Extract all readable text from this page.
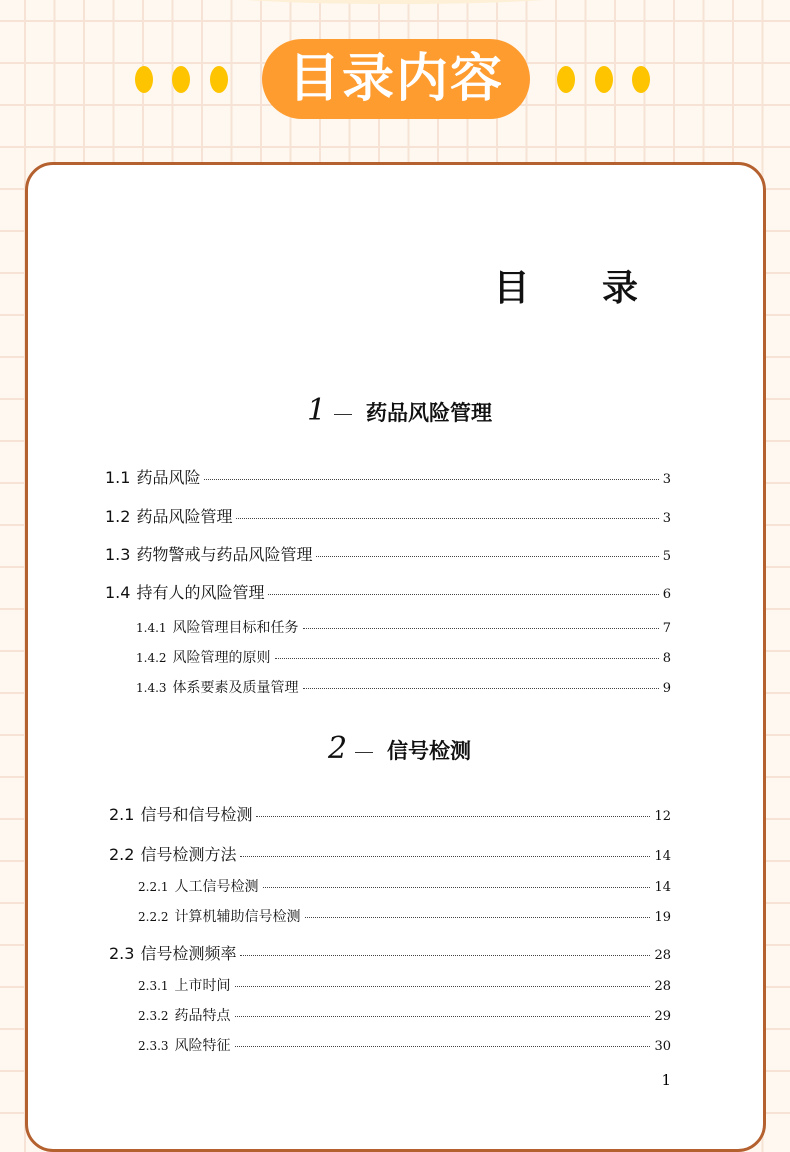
目录内容
目 录
1 药品风险管理
1.1 药品风险	3
1.2 药品风险管理	3
1.3 药物警戒与药品风险管理	5
1.4 持有人的风险管理	6
1.4.1 风险管理目标和任务	7
1.4.2 风险管理的原则	8
1.4.3 体系要素及质量管理	9
2 信号检测
2.1 信号和信号检测	12
2.2 信号检测方法	14
2.2.1 人工信号检测	14
2.2.2 计算机辅助信号检测	19
2.3 信号检测频率	28
2.3.1 上市时间	28
2.3.2 药品特点	29
2.3.3 风险特征	30
1
